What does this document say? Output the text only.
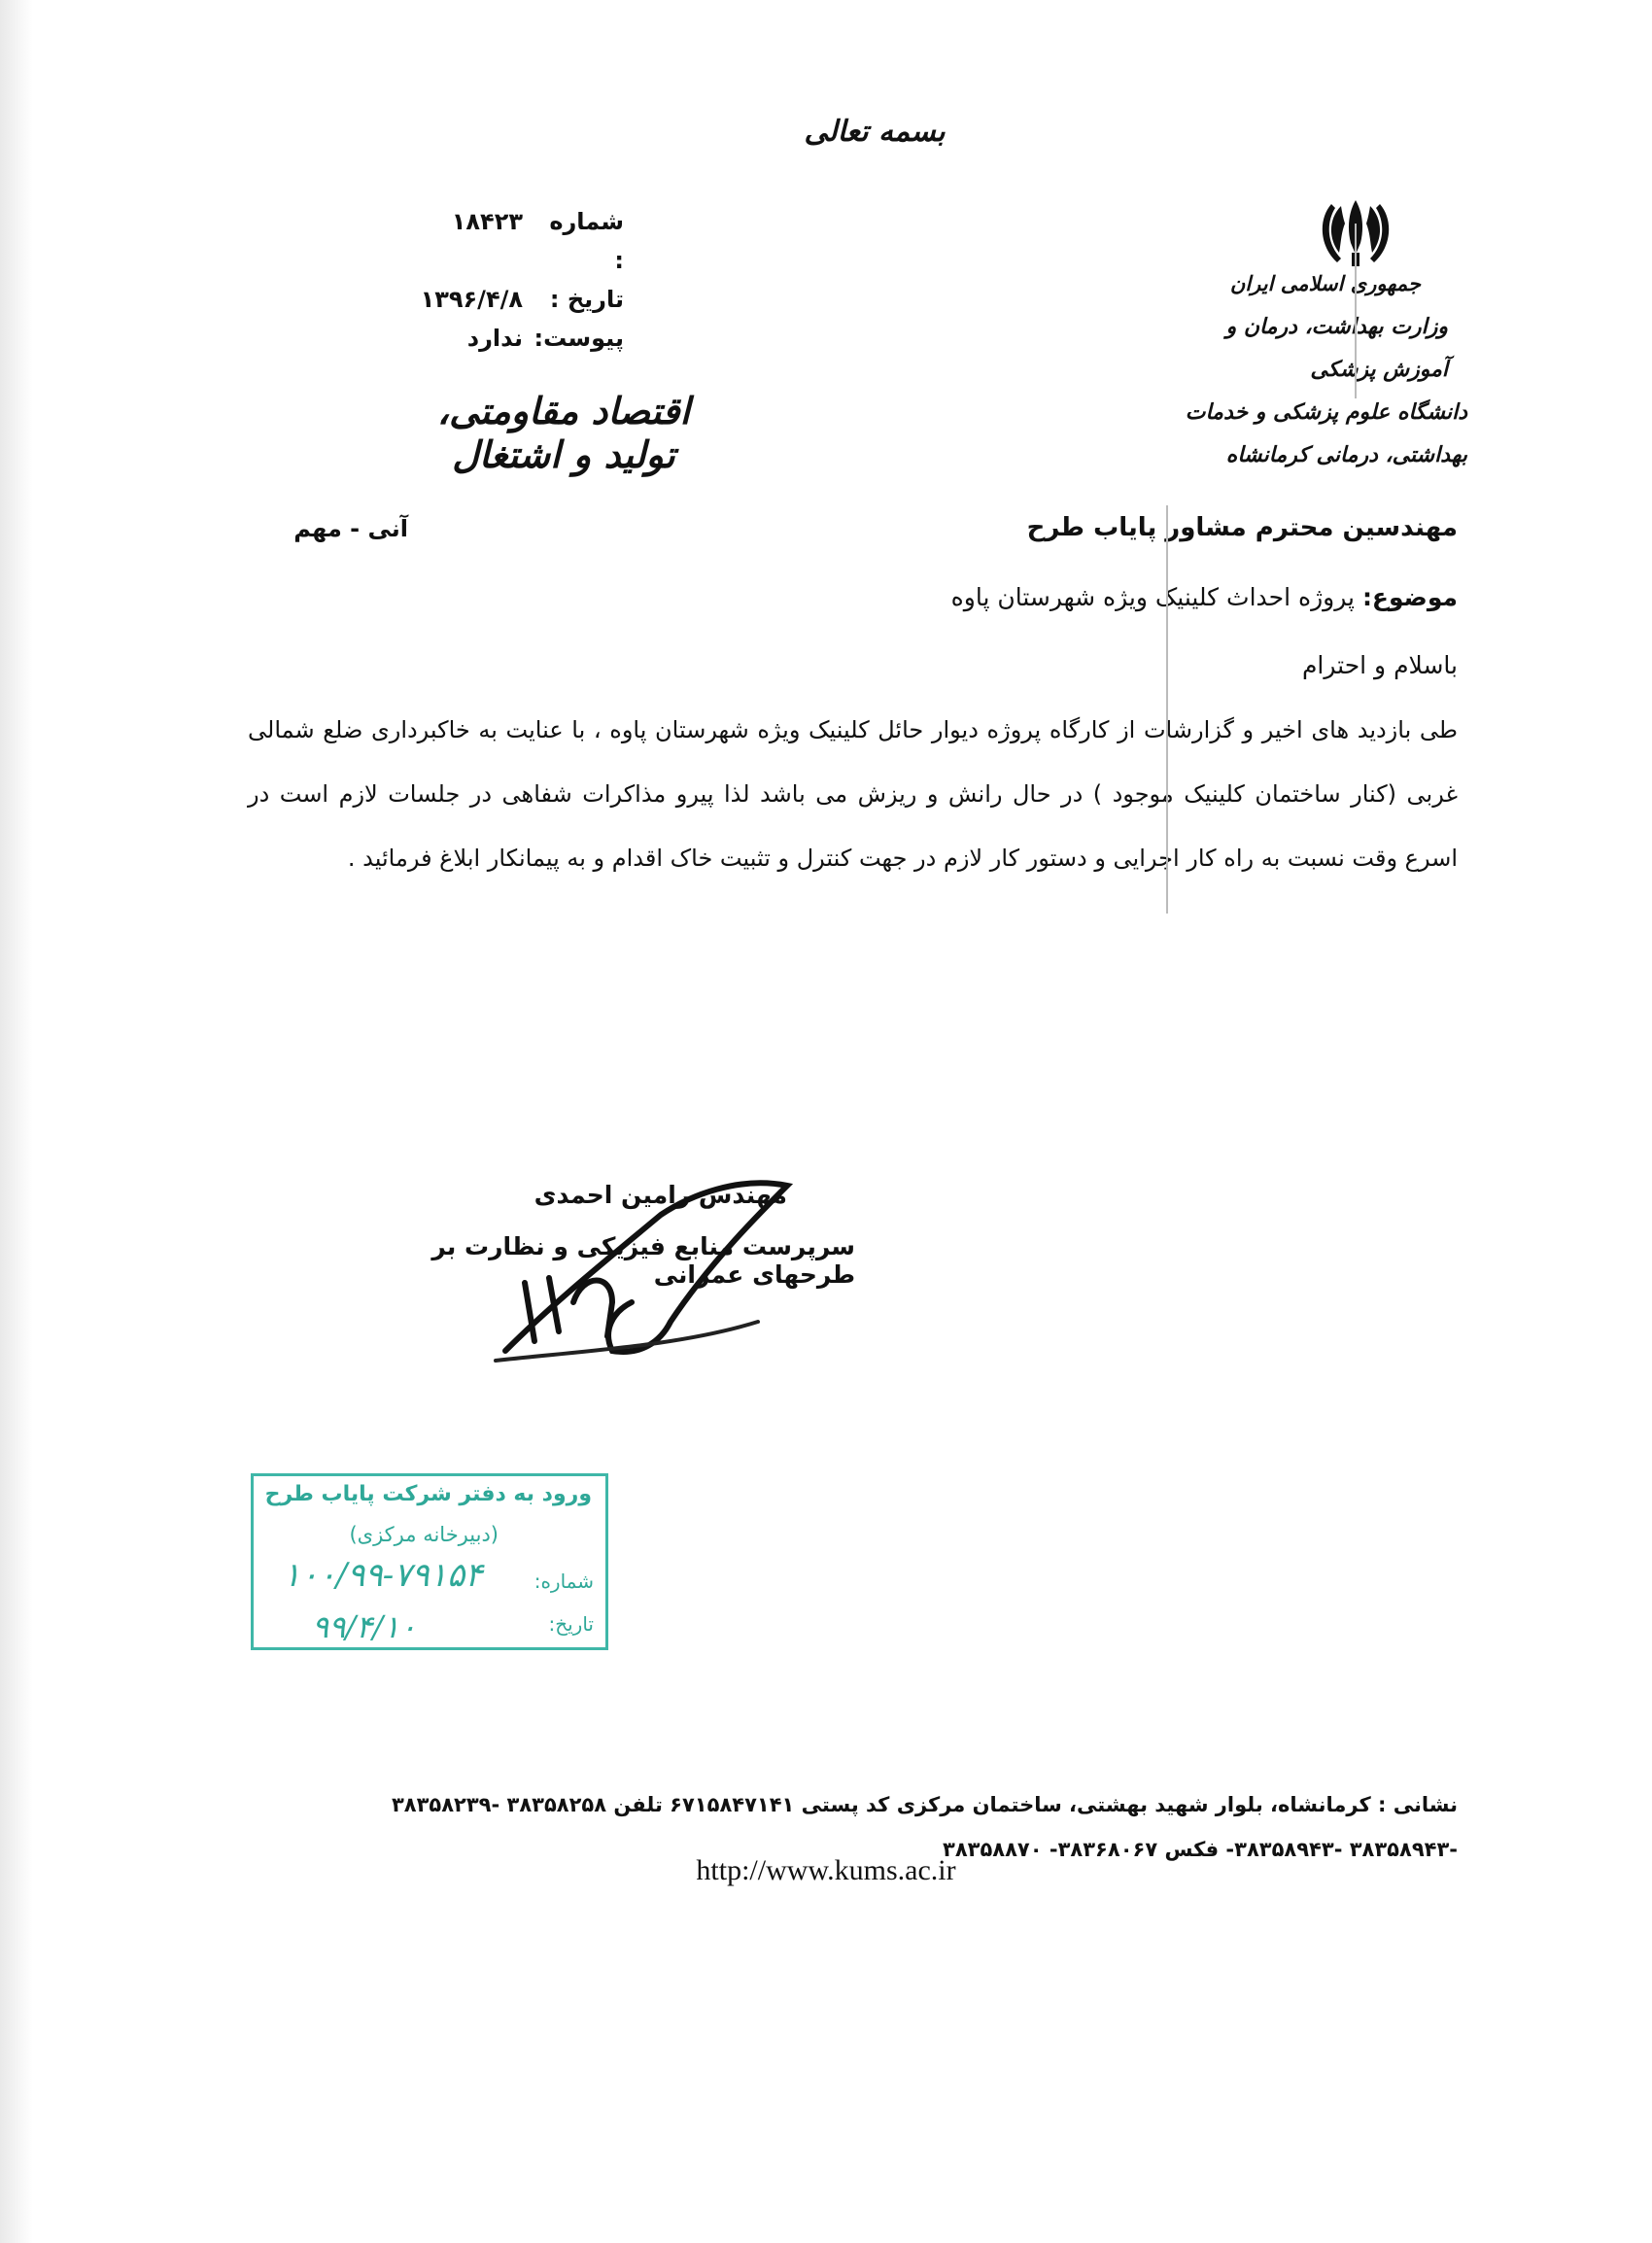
بسمه تعالی
شماره :
۱۸۴۲۳
تاریخ :
۱۳۹۶/۴/۸
پیوست:
ندارد
جمهوری اسلامی ایران
وزارت بهداشت، درمان و آموزش پزشکی
دانشگاه علوم پزشکی و خدمات بهداشتی، درمانی کرمانشاه
اقتصاد مقاومتی، تولید و اشتغال
آنی - مهم	مهندسین محترم مشاور پایاب طرح
موضوع: پروژه احداث کلینیک ویژه شهرستان پاوه
باسلام و احترام
طی بازدید های اخیر و گزارشات از کارگاه پروژه دیوار حائل کلینیک ویژه شهرستان پاوه ، با عنایت به خاکبرداری ضلع شمالی غربی (کنار ساختمان کلینیک موجود ) در حال رانش و ریزش می باشد لذا پیرو مذاکرات شفاهی در جلسات لازم است در اسرع وقت نسبت به راه کار اجرایی و دستور کار لازم در جهت کنترل و تثبیت خاک اقدام و به پیمانکار ابلاغ فرمائید .
مهندس رامین احمدی
سرپرست منابع فیزیکی و نظارت بر طرحهای عمرانی
ورود به دفتر شرکت پایاب طرح
(دبیرخانه مرکزی)
شماره:
۱۰۰/۹۹-۷۹۱۵۴
تاریخ:
۹۹/۴/۱۰
نشانی : کرمانشاه، بلوار شهید بهشتی، ساختمان مرکزی کد پستی ۶۷۱۵۸۴۷۱۴۱ تلفن ۳۸۳۵۸۲۵۸ -۳۸۳۵۸۲۳۹ -۳۸۳۵۸۹۴۳ -۳۸۳۵۸۹۴۳- فکس ۳۸۳۶۸۰۶۷- ۳۸۳۵۸۸۷۰
http://www.kums.ac.ir
